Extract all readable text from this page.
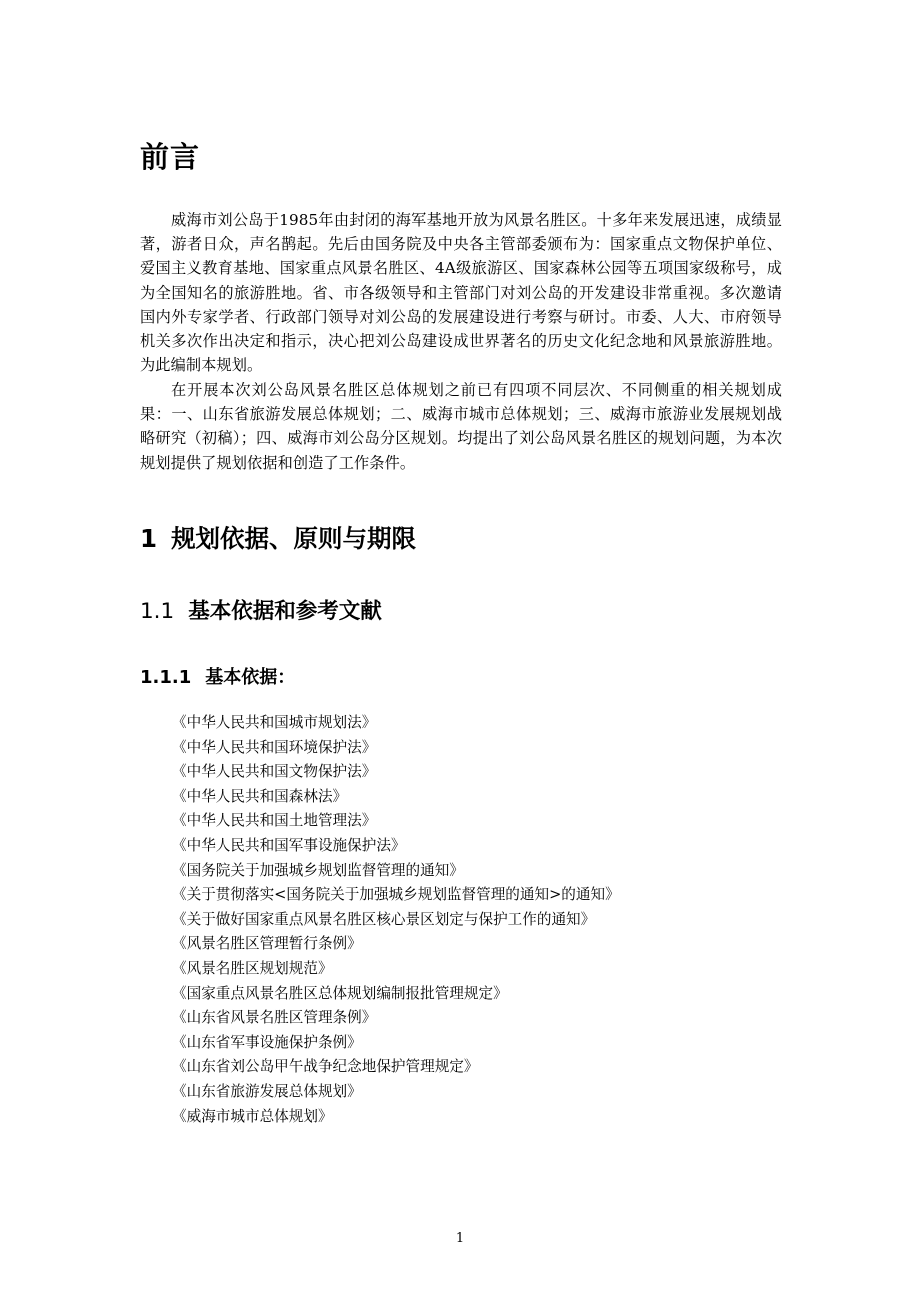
前言

威海市刘公岛于1985年由封闭的海军基地开放为风景名胜区。十多年来发展迅速，成绩显著，游者日众，声名鹊起。先后由国务院及中央各主管部委颁布为：国家重点文物保护单位、爱国主义教育基地、国家重点风景名胜区、4A级旅游区、国家森林公园等五项国家级称号，成为全国知名的旅游胜地。省、市各级领导和主管部门对刘公岛的开发建设非常重视。多次邀请国内外专家学者、行政部门领导对刘公岛的发展建设进行考察与研讨。市委、人大、市府领导机关多次作出决定和指示，决心把刘公岛建设成世界著名的历史文化纪念地和风景旅游胜地。为此编制本规划。

在开展本次刘公岛风景名胜区总体规划之前已有四项不同层次、不同侧重的相关规划成果：一、山东省旅游发展总体规划；二、威海市城市总体规划；三、威海市旅游业发展规划战略研究（初稿）；四、威海市刘公岛分区规划。均提出了刘公岛风景名胜区的规划问题，为本次规划提供了规划依据和创造了工作条件。

1 规划依据、原则与期限
1.1 基本依据和参考文献
1.1.1 基本依据：
《中华人民共和国城市规划法》
《中华人民共和国环境保护法》
《中华人民共和国文物保护法》
《中华人民共和国森林法》
《中华人民共和国土地管理法》
《中华人民共和国军事设施保护法》
《国务院关于加强城乡规划监督管理的通知》
《关于贯彻落实<国务院关于加强城乡规划监督管理的通知>的通知》
《关于做好国家重点风景名胜区核心景区划定与保护工作的通知》
《风景名胜区管理暂行条例》
《风景名胜区规划规范》
《国家重点风景名胜区总体规划编制报批管理规定》
《山东省风景名胜区管理条例》
《山东省军事设施保护条例》
《山东省刘公岛甲午战争纪念地保护管理规定》
《山东省旅游发展总体规划》
《威海市城市总体规划》
1
